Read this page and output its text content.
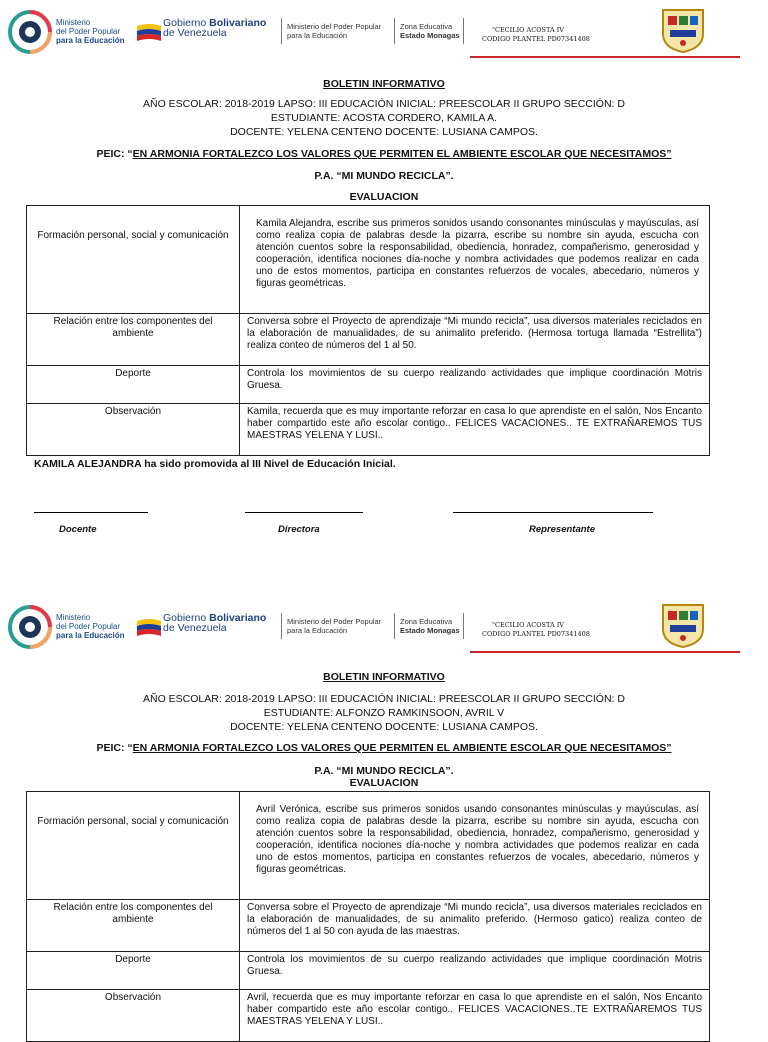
Ministerio
del Poder Popular
para la Educación
Gobierno Bolivariano
de Venezuela
Ministerio del Poder Popular
para la Educación
Zona Educativa
Estado Monagas
"CECILIO ACOSTA IV
CODIGO PLANTEL PD07341408
BOLETIN INFORMATIVO
AÑO ESCOLAR: 2018-2019 LAPSO: III EDUCACIÓN INICIAL: PREESCOLAR II GRUPO SECCIÓN: D
ESTUDIANTE: ACOSTA CORDERO, KAMILA A.
DOCENTE: YELENA CENTENO DOCENTE: LUSIANA CAMPOS.
PEIC: “EN ARMONIA FORTALEZCO LOS VALORES QUE PERMITEN EL AMBIENTE ESCOLAR QUE NECESITAMOS”
P.A. “MI MUNDO RECICLA”.
EVALUACION
Formación personal, social y comunicación	Kamila Alejandra, escribe sus primeros sonidos usando consonantes minúsculas y mayúsculas, así como realiza copia de palabras desde la pizarra, escribe su nombre sin ayuda, escucha con atención cuentos sobre la responsabilidad, obediencia, honradez, compañerismo, generosidad y cooperación, identifica nociones día-noche y nombra actividades que podemos realizar en cada uno de estos momentos, participa en constantes refuerzos de vocales, abecedario, números y figuras geométricas.
Relación entre los componentes del ambiente	Conversa sobre el Proyecto de aprendizaje “Mi mundo recicla”, usa diversos materiales reciclados en la elaboración de manualidades, de su animalito preferido. (Hermosa tortuga llamada “Estrellita”) realiza conteo de números del 1 al 50.
Deporte	Controla los movimientos de su cuerpo realizando actividades que implique coordinación Motris Gruesa.
Observación	Kamila, recuerda que es muy importante reforzar en casa lo que aprendiste en el salón, Nos Encanto haber compartido este año escolar contigo.. FELICES VACACIONES.. TE EXTRAÑAREMOS TUS MAESTRAS YELENA Y LUSI..
KAMILA ALEJANDRA ha sido promovida al III Nivel de Educación Inicial.
Docente	Directora	Representante
Ministerio
del Poder Popular
para la Educación
Gobierno Bolivariano
de Venezuela
Ministerio del Poder Popular
para la Educación
Zona Educativa
Estado Monagas
"CECILIO ACOSTA IV
CODIGO PLANTEL PD07341408
BOLETIN INFORMATIVO
AÑO ESCOLAR: 2018-2019 LAPSO: III EDUCACIÓN INICIAL: PREESCOLAR II GRUPO SECCIÓN: D
ESTUDIANTE: ALFONZO RAMKINSOON, AVRIL V
DOCENTE: YELENA CENTENO DOCENTE: LUSIANA CAMPOS.
PEIC: “EN ARMONIA FORTALEZCO LOS VALORES QUE PERMITEN EL AMBIENTE ESCOLAR QUE NECESITAMOS”
P.A. “MI MUNDO RECICLA”.
EVALUACION
Formación personal, social y comunicación	Avril Verónica, escribe sus primeros sonidos usando consonantes minúsculas y mayúsculas, así como realiza copia de palabras desde la pizarra, escribe su nombre sin ayuda, escucha con atención cuentos sobre la responsabilidad, obediencia, honradez, compañerismo, generosidad y cooperación, identifica nociones día-noche y nombra actividades que podemos realizar en cada uno de estos momentos, participa en constantes refuerzos de vocales, abecedario, números y figuras geométricas.
Relación entre los componentes del ambiente	Conversa sobre el Proyecto de aprendizaje “Mi mundo recicla”, usa diversos materiales reciclados en la elaboración de manualidades, de su animalito preferido. (Hermoso gatico) realiza conteo de números del 1 al 50 con ayuda de las maestras.
Deporte	Controla los movimientos de su cuerpo realizando actividades que implique coordinación Motris Gruesa.
Observación	Avril, recuerda que es muy importante reforzar en casa lo que aprendiste en el salón, Nos Encanto haber compartido este año escolar contigo.. FELICES VACACIONES..TE EXTRAÑAREMOS TUS MAESTRAS YELENA Y LUSI..
